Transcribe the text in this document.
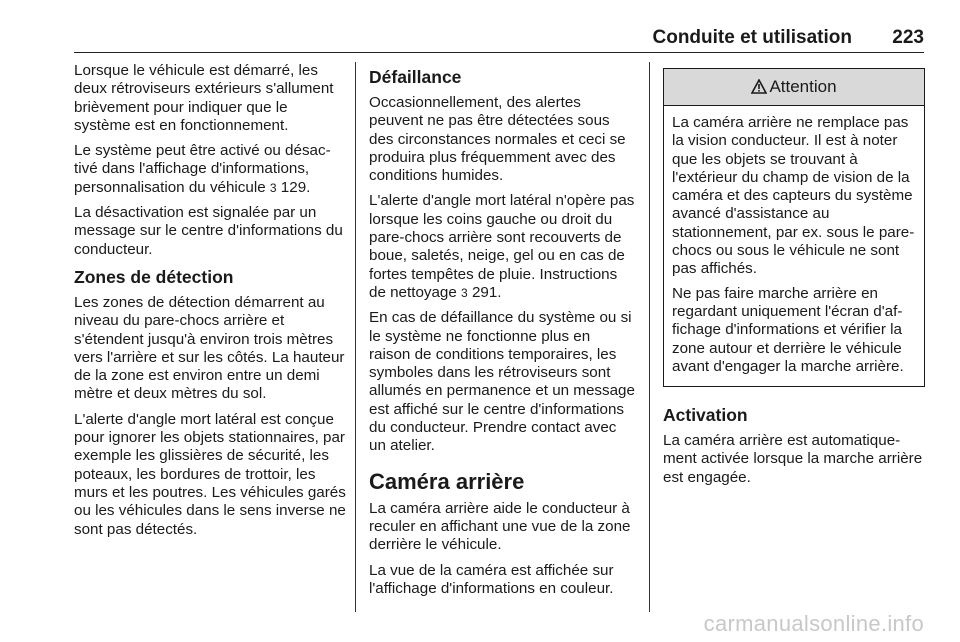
Conduite et utilisation 223

Lorsque le véhicule est démarré, les deux rétroviseurs extérieurs s'allument brièvement pour indiquer que le système est en fonctionnement.

Le système peut être activé ou désactivé dans l'affichage d'informations, personnalisation du véhicule 3 129.

La désactivation est signalée par un message sur le centre d'informations du conducteur.

Zones de détection

Les zones de détection démarrent au niveau du pare-chocs arrière et s'étendent jusqu'à environ trois mètres vers l'arrière et sur les côtés. La hauteur de la zone est environ entre un demi mètre et deux mètres du sol.

L'alerte d'angle mort latéral est conçue pour ignorer les objets stationnaires, par exemple les glissières de sécurité, les poteaux, les bordures de trottoir, les murs et les poutres. Les véhicules garés ou les véhicules dans le sens inverse ne sont pas détectés.

Défaillance

Occasionnellement, des alertes peuvent ne pas être détectées sous des circonstances normales et ceci se produira plus fréquemment avec des conditions humides.

L'alerte d'angle mort latéral n'opère pas lorsque les coins gauche ou droit du pare-chocs arrière sont recouverts de boue, saletés, neige, gel ou en cas de fortes tempêtes de pluie. Instructions de nettoyage 3 291.

En cas de défaillance du système ou si le système ne fonctionne plus en raison de conditions temporaires, les symboles dans les rétroviseurs sont allumés en permanence et un message est affiché sur le centre d'informations du conducteur. Prendre contact avec un atelier.

Caméra arrière

La caméra arrière aide le conducteur à reculer en affichant une vue de la zone derrière le véhicule.

La vue de la caméra est affichée sur l'affichage d'informations en couleur.

Attention

La caméra arrière ne remplace pas la vision conducteur. Il est à noter que les objets se trouvant à l'extérieur du champ de vision de la caméra et des capteurs du système avancé d'assistance au stationnement, par ex. sous le pare-chocs ou sous le véhicule ne sont pas affichés.

Ne pas faire marche arrière en regardant uniquement l'écran d'affichage d'informations et vérifier la zone autour et derrière le véhicule avant d'engager la marche arrière.

Activation

La caméra arrière est automatiquement activée lorsque la marche arrière est engagée.

carmanualsonline.info
